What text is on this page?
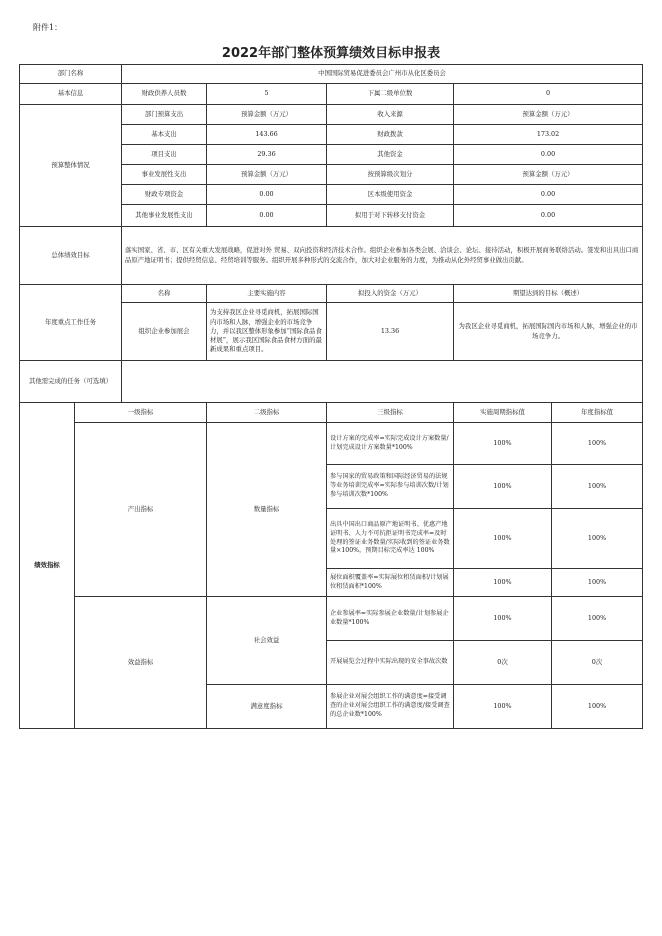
附件1：
2022年部门整体预算绩效目标申报表
部门名称		中国国际贸易促进委员会广州市从化区委员会				
基本信息		财政供养人员数	5	下属二级单位数	0	
预算整体情况		部门预算支出	预算金额（万元）	收入来源	预算金额（万元）	
		基本支出	143.66	财政拨款	173.02	
		项目支出	29.36	其他资金	0.00	
		事业发展性支出	预算金额（万元）	按预算级次划分	预算金额（万元）	
		财政专项资金	0.00	区本级使用资金	0.00	
		其他事业发展性支出	0.00	拟用于对下转移支付资金	0.00	
总体绩效目标		落实国家、省、市、区有关重大发展战略，促进对外 贸易、双向投资和经济技术合作。组织企业参加各类会展、洽谈会、论坛、接待活动，积极开展商务联络活动。签发和出具出口商品原产地证明书；提供经贸信息、经贸培训等服务。组织开展多种形式的交流合作，加大对企业服务的力度，为推动从化外经贸事业做出贡献。				
年度重点工作任务		名称	主要实施内容	拟投入的资金（万元）	期望达到的目标（概述）	
		组织企业参加展会	为支持我区企业寻觅商机，拓展国际国内市场和人脉，增强企业的市场竞争力，并以我区整体形象参加“国际食品食材展”，展示我区国际食品食材方面的最新成果和重点项目。	13.36	为我区企业寻觅商机，拓展国际国内市场和人脉，增强企业的市场竞争力。	
其他需完成的任务（可选填）						
绩效指标	一级指标		二级指标	三级指标	实施周期指标值	年度指标值
	产出指标		数量指标	设计方案的完成率=实际完成设计方案数量/计划完成设计方案数量*100%	100%	100%
				参与国家的贸易政策和国际经济贸易的法规等业务培训完成率=实际参与培训次数/计划参与培训次数*100%	100%	100%
				出具中国出口商品原产地证明书、优惠产地证明书、人力不可抗拒证明书完成率=及时处理的签证业务数量/实际收到的签证业务数量×100%，预期目标完成率达 100%	100%	100%
				展位面积覆盖率=实际展位租赁面积/计划展位租赁面积*100%	100%	100%
	效益指标		社会效益	企业参展率=实际参展企业数量/计划参展企业数量*100%	100%	100%
				开展展览会过程中实际出现的安全事故次数	0次	0次
			满意度指标	参展企业对展会组织工作的满意度=接受调查的企业对展会组织工作的满意度/接受调查的总企业数*100%	100%	100%
